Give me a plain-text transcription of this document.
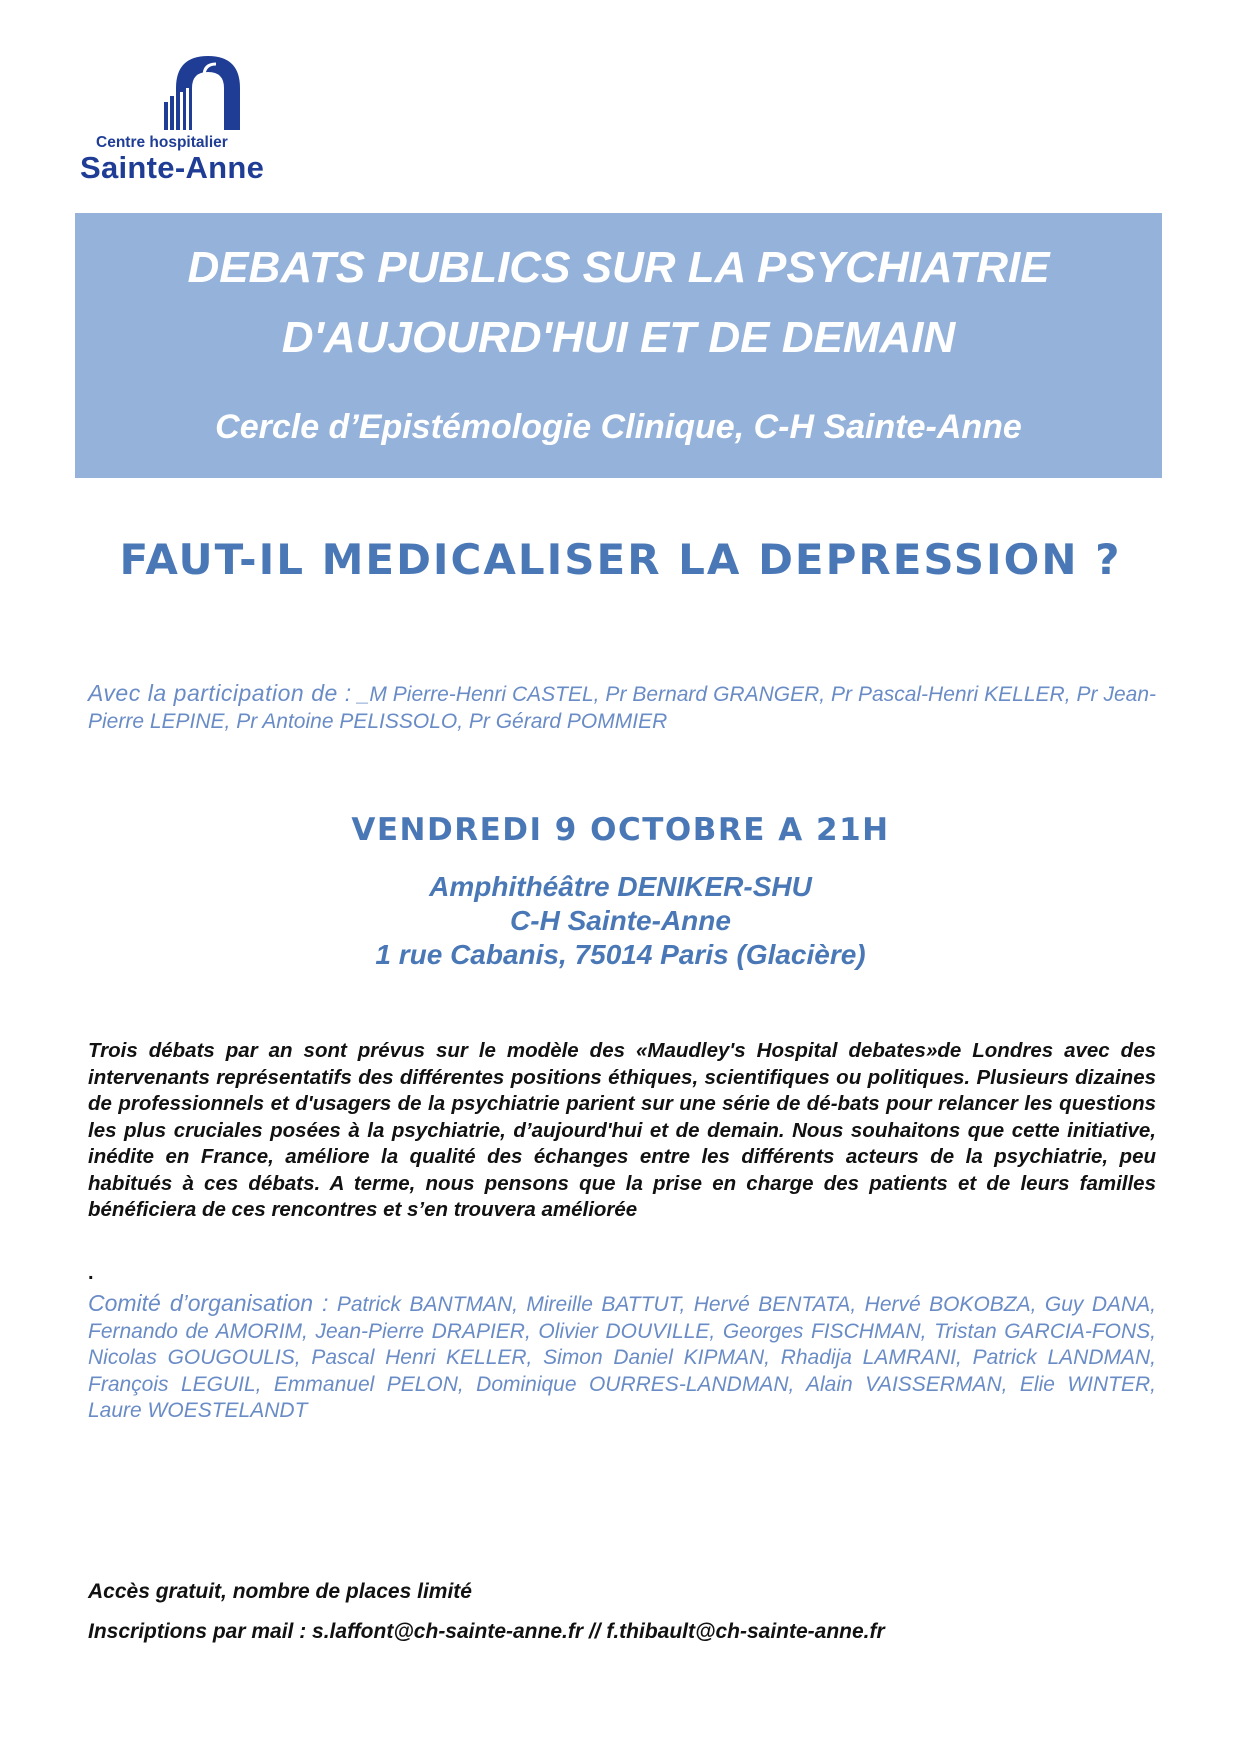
Centre hospitalier
Sainte-Anne
DEBATS PUBLICS SUR LA PSYCHIATRIE
D'AUJOURD'HUI ET DE DEMAIN
Cercle d’Epistémologie Clinique, C-H Sainte-Anne
FAUT-IL MEDICALISER LA DEPRESSION ?
Avec la participation de : _M Pierre-Henri CASTEL, Pr Bernard GRANGER, Pr Pascal-Henri KELLER, Pr Jean-Pierre LEPINE, Pr Antoine PELISSOLO, Pr Gérard POMMIER
VENDREDI 9 OCTOBRE A 21H
Amphithéâtre DENIKER-SHU
C-H Sainte-Anne
1 rue Cabanis, 75014 Paris (Glacière)
Trois débats par an sont prévus sur le modèle des «Maudley's Hospital debates»de Londres avec des intervenants représentatifs des différentes positions éthiques, scientifiques ou politiques. Plusieurs dizaines de professionnels et d'usagers de la psychiatrie parient sur une série de dé-bats pour relancer les questions les plus cruciales posées à la psychiatrie, d’aujourd'hui et de demain. Nous souhaitons que cette initiative, inédite en France, améliore la qualité des échanges entre les différents acteurs de la psychiatrie, peu habitués à ces débats. A terme, nous pensons que la prise en charge des patients et de leurs familles bénéficiera de ces rencontres et s’en trouvera améliorée
.
Comité d’organisation : Patrick BANTMAN, Mireille BATTUT, Hervé BENTATA, Hervé BOKOBZA, Guy DANA, Fernando de AMORIM, Jean-Pierre DRAPIER, Olivier DOUVILLE, Georges FISCHMAN, Tristan GARCIA-FONS, Nicolas GOUGOULIS, Pascal Henri KELLER, Simon Daniel KIPMAN, Rhadija LAMRANI, Patrick LANDMAN, François LEGUIL, Emmanuel PELON, Dominique OURRES-LANDMAN, Alain VAISSERMAN, Elie WINTER, Laure WOESTELANDT
Accès gratuit, nombre de places limité
Inscriptions par mail : s.laffont@ch-sainte-anne.fr // f.thibault@ch-sainte-anne.fr
